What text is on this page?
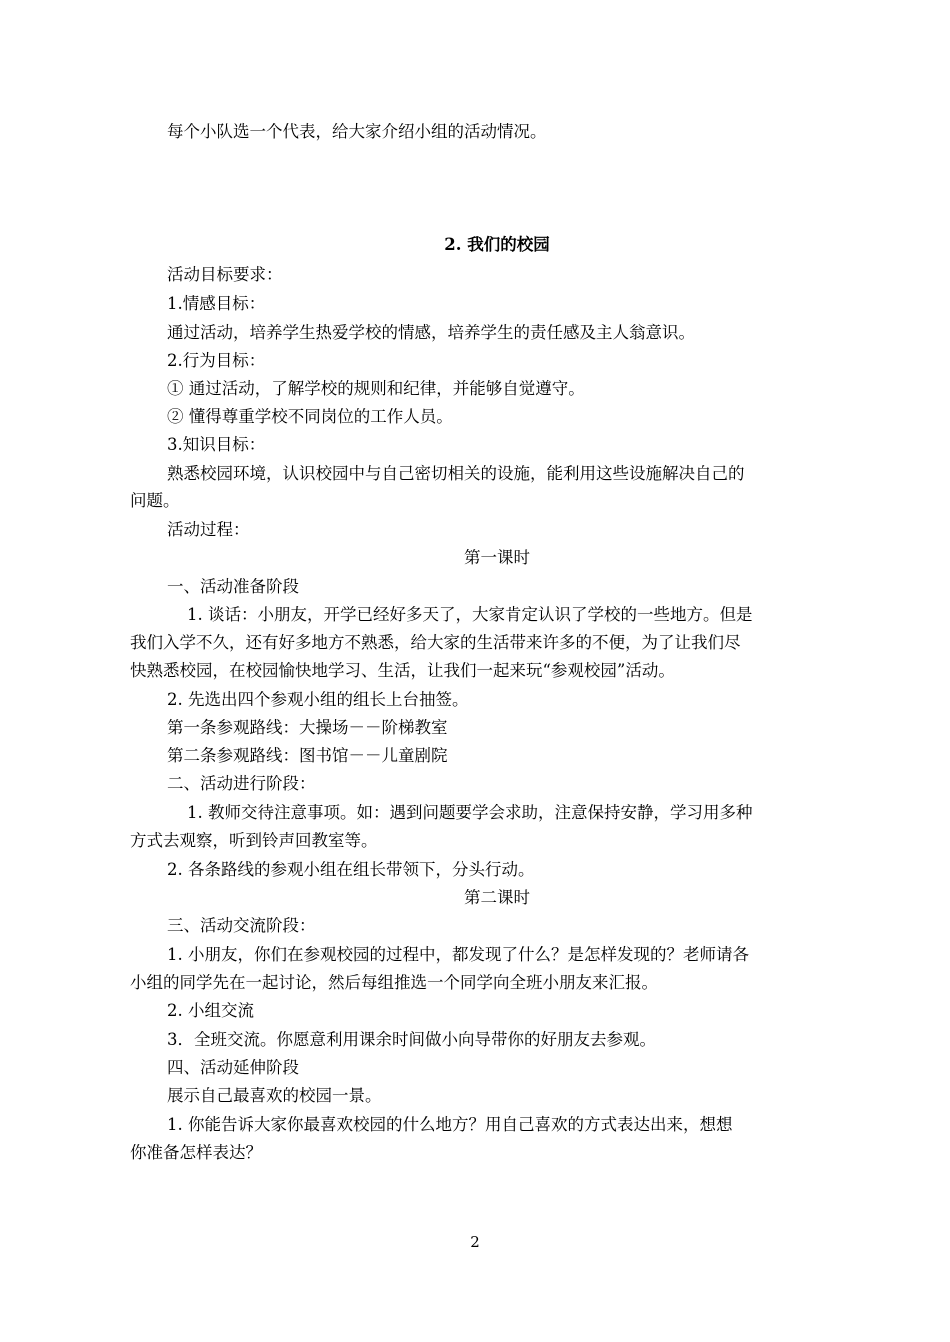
每个小队选一个代表，给大家介绍小组的活动情况。
2. 我们的校园
活动目标要求：
1.情感目标：
通过活动，培养学生热爱学校的情感，培养学生的责任感及主人翁意识。
2.行为目标：
① 通过活动，了解学校的规则和纪律，并能够自觉遵守。
② 懂得尊重学校不同岗位的工作人员。
3.知识目标：
熟悉校园环境，认识校园中与自己密切相关的设施，能利用这些设施解决自己的
问题。
活动过程：
第一课时
一、活动准备阶段
1. 谈话：小朋友，开学已经好多天了，大家肯定认识了学校的一些地方。但是
我们入学不久，还有好多地方不熟悉，给大家的生活带来许多的不便，为了让我们尽
快熟悉校园，在校园愉快地学习、生活，让我们一起来玩“参观校园”活动。
2. 先选出四个参观小组的组长上台抽签。
第一条参观路线：大操场－－阶梯教室
第二条参观路线：图书馆－－儿童剧院
二、活动进行阶段：
1. 教师交待注意事项。如：遇到问题要学会求助，注意保持安静，学习用多种
方式去观察，听到铃声回教室等。
2. 各条路线的参观小组在组长带领下，分头行动。
第二课时
三、活动交流阶段：
1. 小朋友，你们在参观校园的过程中，都发现了什么？是怎样发现的？老师请各
小组的同学先在一起讨论，然后每组推选一个同学向全班小朋友来汇报。
2. 小组交流
3．全班交流。你愿意利用课余时间做小向导带你的好朋友去参观。
四、活动延伸阶段
展示自己最喜欢的校园一景。
1. 你能告诉大家你最喜欢校园的什么地方？用自己喜欢的方式表达出来，想想
你准备怎样表达？
2
